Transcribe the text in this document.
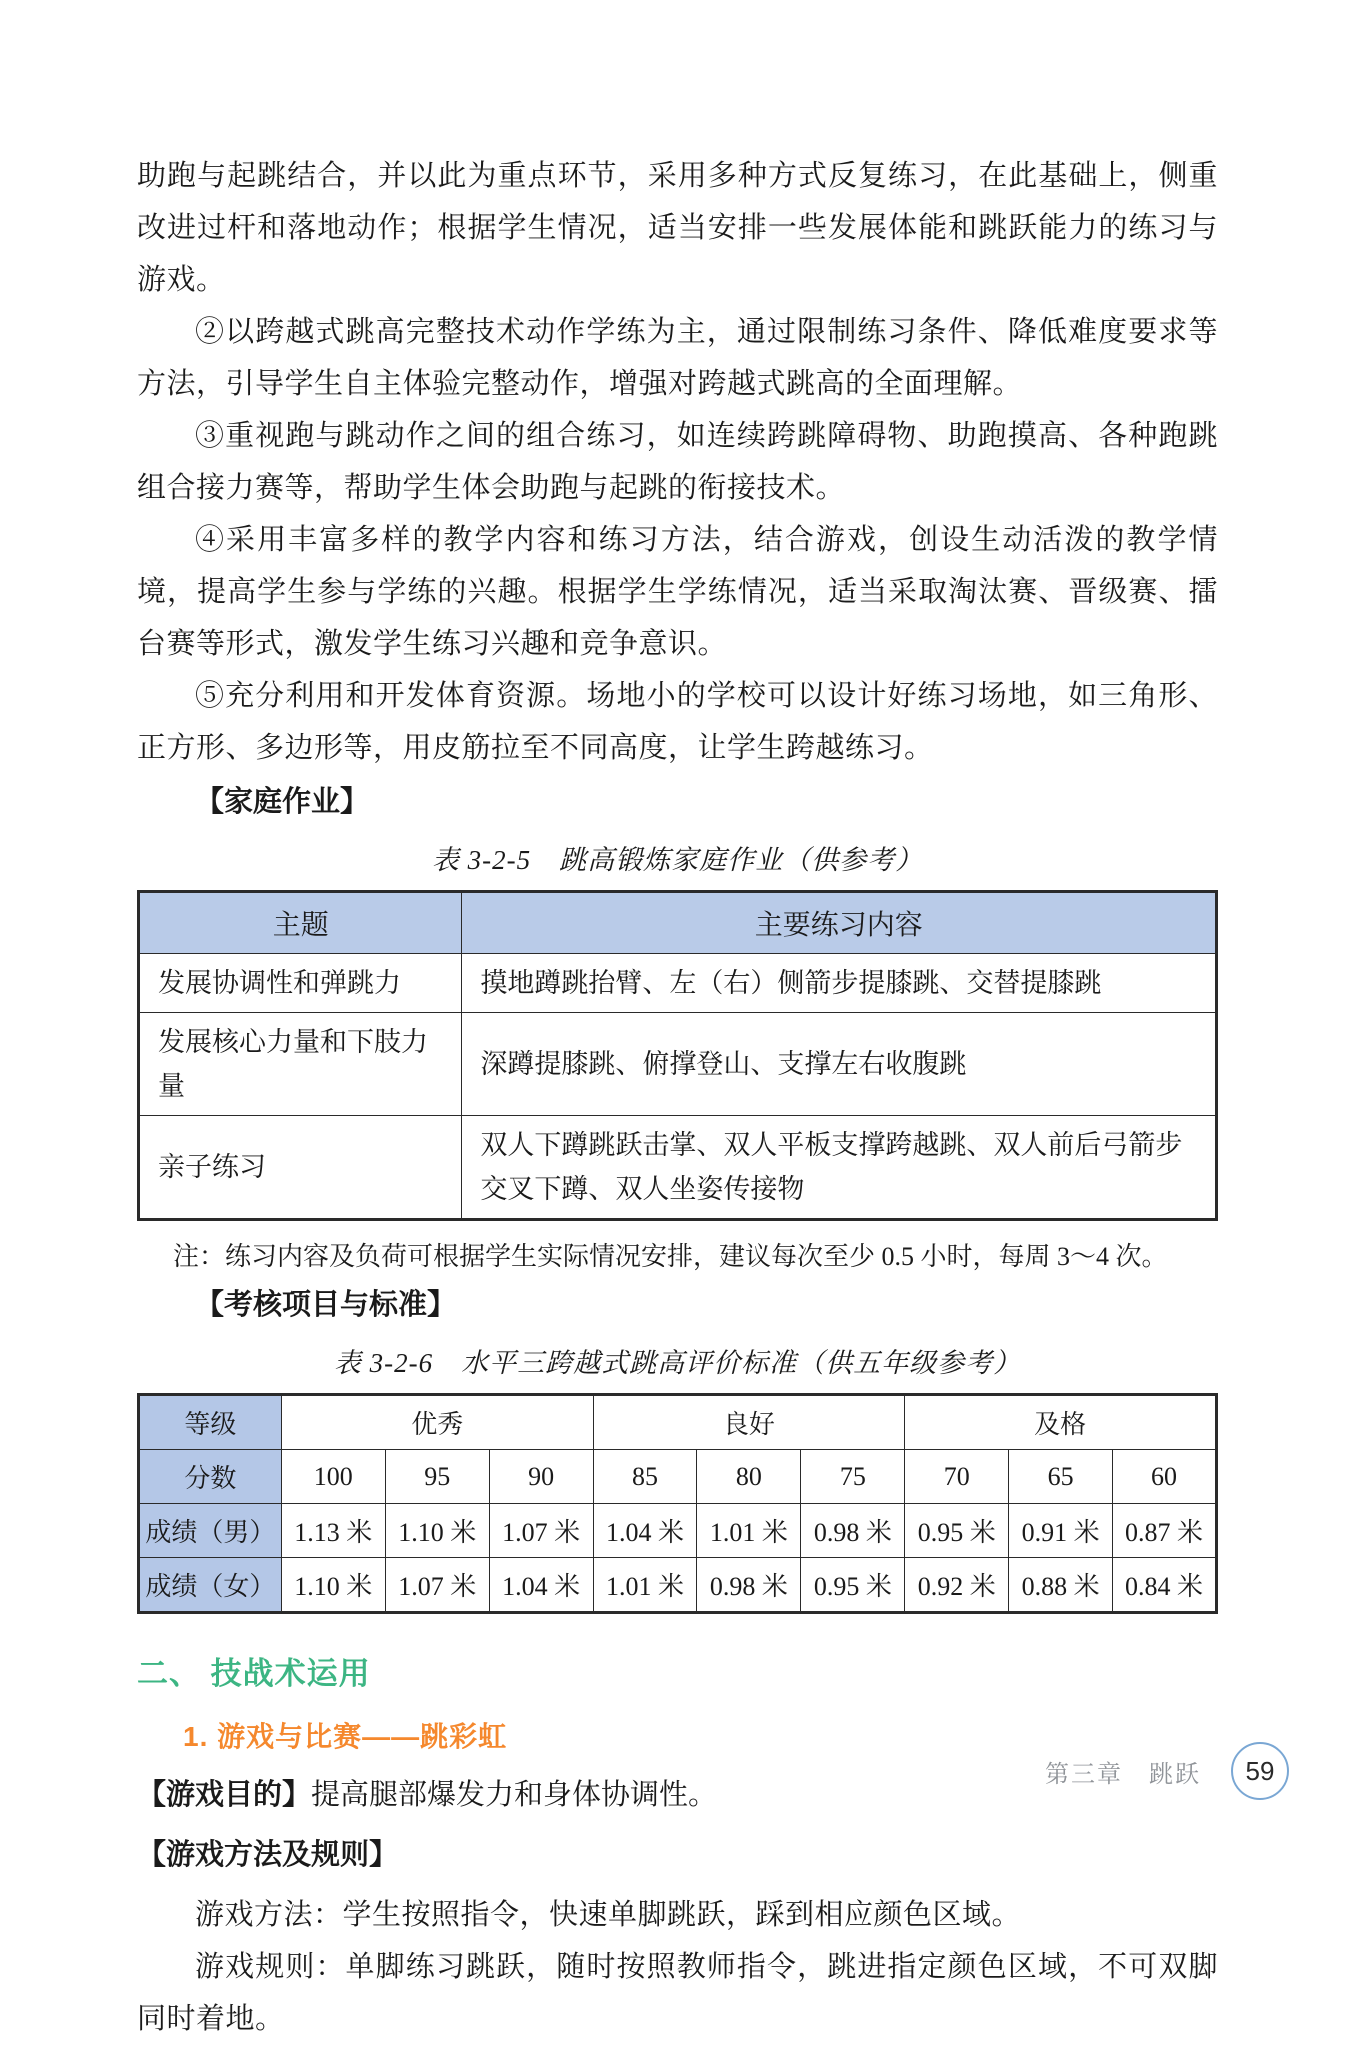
助跑与起跳结合，并以此为重点环节，采用多种方式反复练习，在此基础上，侧重改进过杆和落地动作；根据学生情况，适当安排一些发展体能和跳跃能力的练习与游戏。

②以跨越式跳高完整技术动作学练为主，通过限制练习条件、降低难度要求等方法，引导学生自主体验完整动作，增强对跨越式跳高的全面理解。

③重视跑与跳动作之间的组合练习，如连续跨跳障碍物、助跑摸高、各种跑跳组合接力赛等，帮助学生体会助跑与起跳的衔接技术。

④采用丰富多样的教学内容和练习方法，结合游戏，创设生动活泼的教学情境，提高学生参与学练的兴趣。根据学生学练情况，适当采取淘汰赛、晋级赛、擂台赛等形式，激发学生练习兴趣和竞争意识。

⑤充分利用和开发体育资源。场地小的学校可以设计好练习场地，如三角形、正方形、多边形等，用皮筋拉至不同高度，让学生跨越练习。

【家庭作业】
表 3-2-5　跳高锻炼家庭作业（供参考）
主题	主要练习内容
发展协调性和弹跳力	摸地蹲跳抬臂、左（右）侧箭步提膝跳、交替提膝跳
发展核心力量和下肢力量	深蹲提膝跳、俯撑登山、支撑左右收腹跳
亲子练习	双人下蹲跳跃击掌、双人平板支撑跨越跳、双人前后弓箭步交叉下蹲、双人坐姿传接物

注：练习内容及负荷可根据学生实际情况安排，建议每次至少 0.5 小时，每周 3～4 次。

【考核项目与标准】
表 3-2-6　水平三跨越式跳高评价标准（供五年级参考）
等级	优秀			良好			及格		
分数	100	95	90	85	80	75	70	65	60
成绩（男）	1.13 米	1.10 米	1.07 米	1.04 米	1.01 米	0.98 米	0.95 米	0.91 米	0.87 米
成绩（女）	1.10 米	1.07 米	1.04 米	1.01 米	0.98 米	0.95 米	0.92 米	0.88 米	0.84 米
二、 技战术运用
1. 游戏与比赛——跳彩虹

【游戏目的】提高腿部爆发力和身体协调性。

【游戏方法及规则】

游戏方法：学生按照指令，快速单脚跳跃，踩到相应颜色区域。

游戏规则：单脚练习跳跃，随时按照教师指令，跳进指定颜色区域，不可双脚同时着地。

第三章　跳跃	59
